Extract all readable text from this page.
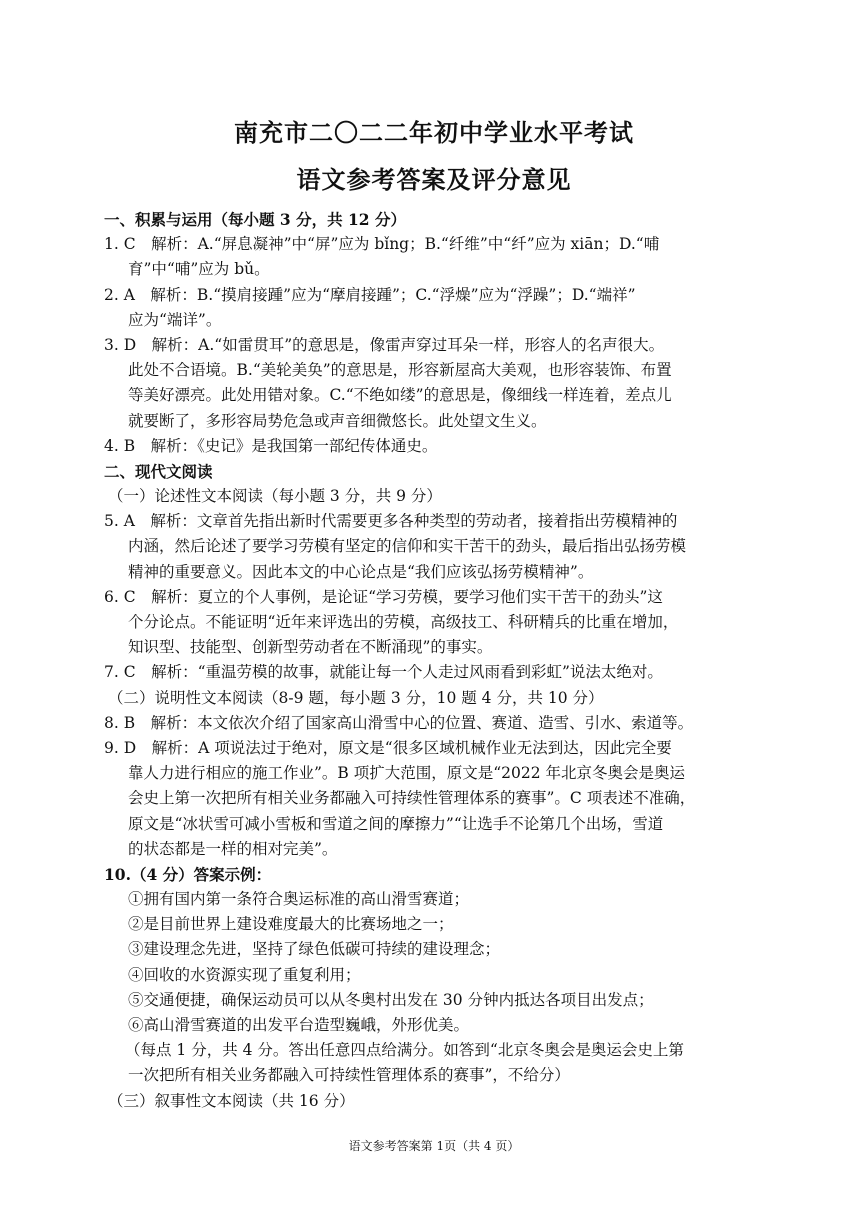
南充市二〇二二年初中学业水平考试
语文参考答案及评分意见
一、积累与运用（每小题 3 分，共 12 分）
1. C　解析：A.“屏息凝神”中“屏”应为 bǐng；B.“纤维”中“纤”应为 xiān；D.“哺
育”中“哺”应为 bǔ。
2. A　解析：B.“摸肩接踵”应为“摩肩接踵”；C.“浮燥”应为“浮躁”；D.“端祥”
应为“端详”。
3. D　解析：A.“如雷贯耳”的意思是，像雷声穿过耳朵一样，形容人的名声很大。
此处不合语境。B.“美轮美奂”的意思是，形容新屋高大美观，也形容装饰、布置
等美好漂亮。此处用错对象。C.“不绝如缕”的意思是，像细线一样连着，差点儿
就要断了，多形容局势危急或声音细微悠长。此处望文生义。
4. B　解析：《史记》是我国第一部纪传体通史。
二、现代文阅读
（一）论述性文本阅读（每小题 3 分，共 9 分）
5. A　解析：文章首先指出新时代需要更多各种类型的劳动者，接着指出劳模精神的
内涵，然后论述了要学习劳模有坚定的信仰和实干苦干的劲头，最后指出弘扬劳模
精神的重要意义。因此本文的中心论点是“我们应该弘扬劳模精神”。
6. C　解析：夏立的个人事例，是论证“学习劳模，要学习他们实干苦干的劲头”这
个分论点。不能证明“近年来评选出的劳模，高级技工、科研精兵的比重在增加，
知识型、技能型、创新型劳动者在不断涌现”的事实。
7. C　解析：“重温劳模的故事，就能让每一个人走过风雨看到彩虹”说法太绝对。
（二）说明性文本阅读（8-9 题，每小题 3 分，10 题 4 分，共 10 分）
8. B　解析：本文依次介绍了国家高山滑雪中心的位置、赛道、造雪、引水、索道等。
9. D　解析：A 项说法过于绝对，原文是“很多区域机械作业无法到达，因此完全要
靠人力进行相应的施工作业”。B 项扩大范围，原文是“2022 年北京冬奥会是奥运
会史上第一次把所有相关业务都融入可持续性管理体系的赛事”。C 项表述不准确，
原文是“冰状雪可减小雪板和雪道之间的摩擦力”“让选手不论第几个出场，雪道
的状态都是一样的相对完美”。
10.（4 分）答案示例：
①拥有国内第一条符合奥运标准的高山滑雪赛道；
②是目前世界上建设难度最大的比赛场地之一；
③建设理念先进，坚持了绿色低碳可持续的建设理念；
④回收的水资源实现了重复利用；
⑤交通便捷，确保运动员可以从冬奥村出发在 30 分钟内抵达各项目出发点；
⑥高山滑雪赛道的出发平台造型巍峨，外形优美。
（每点 1 分，共 4 分。答出任意四点给满分。如答到“北京冬奥会是奥运会史上第
一次把所有相关业务都融入可持续性管理体系的赛事”，不给分）
（三）叙事性文本阅读（共 16 分）
语文参考答案第 1页（共 4 页）
